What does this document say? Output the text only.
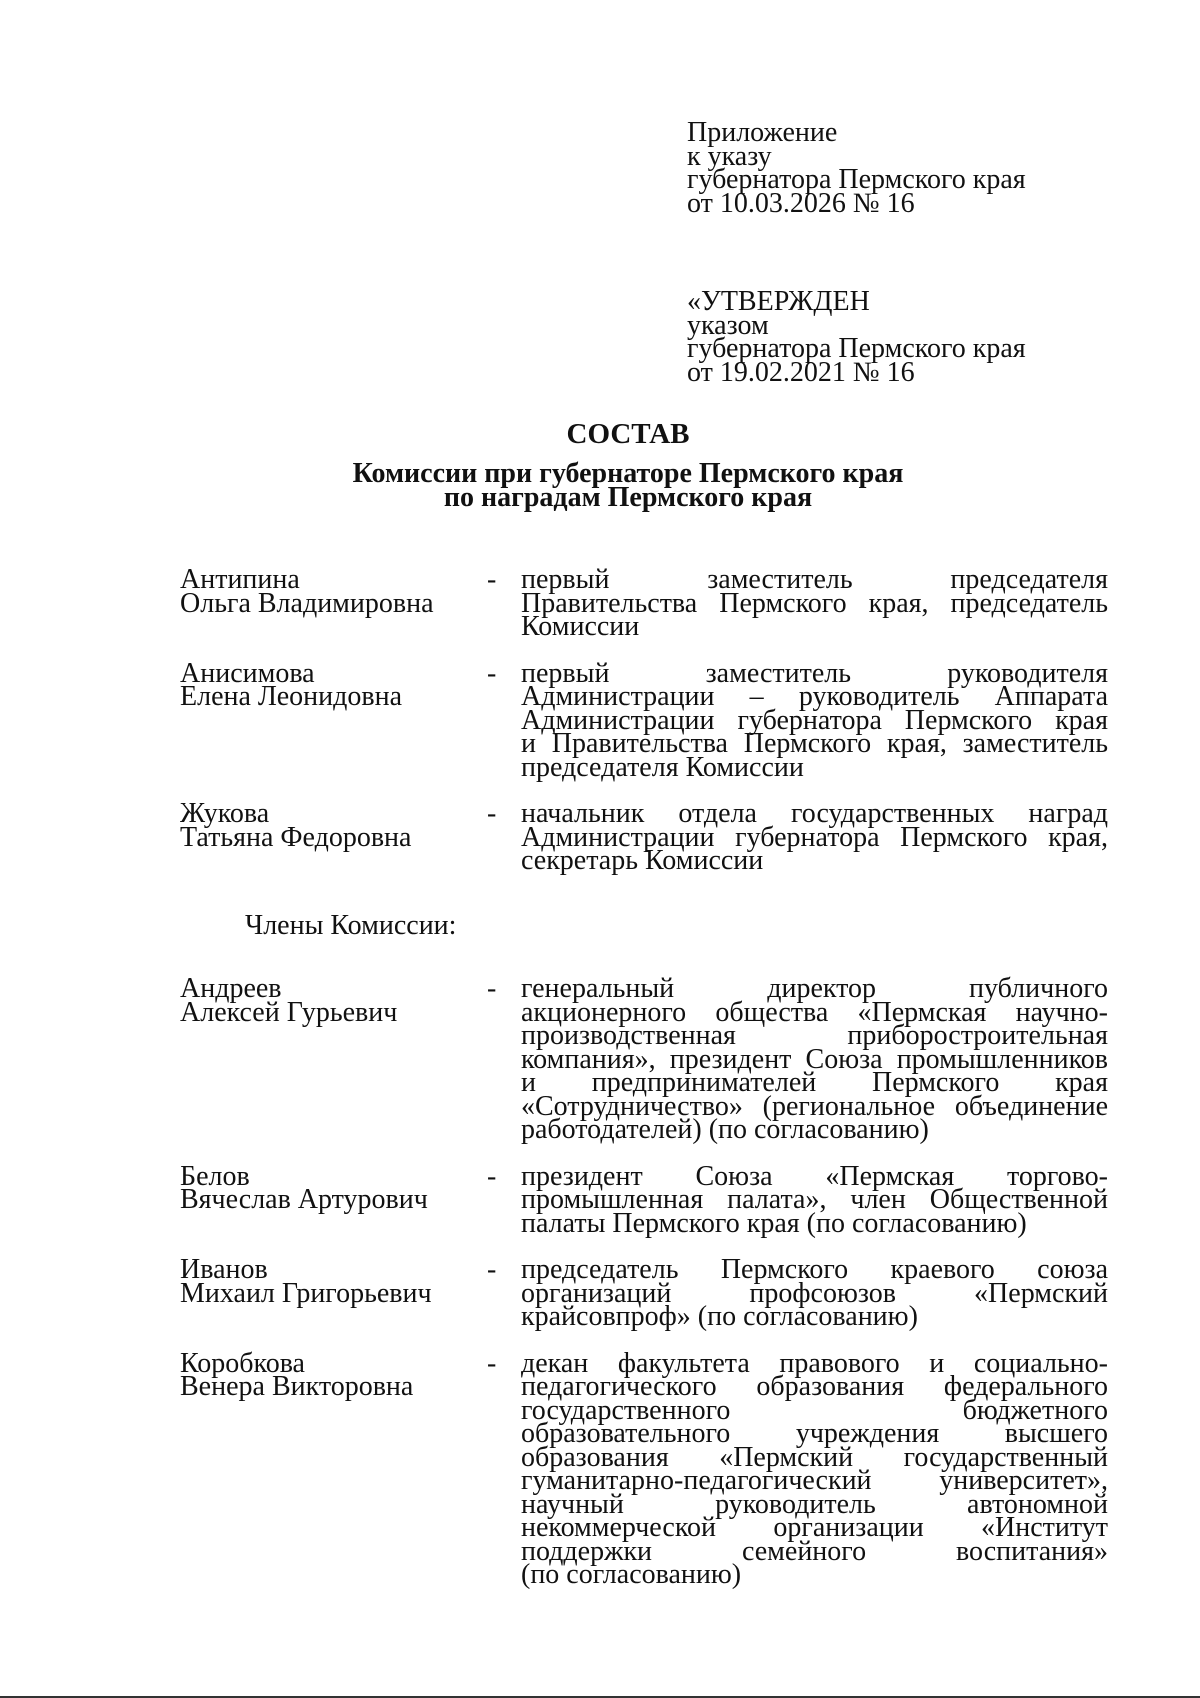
Приложение
к указу
губернатора Пермского края
от 10.03.2026 № 16
«УТВЕРЖДЕН
указом
губернатора Пермского края
от 19.02.2021 № 16
СОСТАВ
Комиссии при губернаторе Пермского края
по наградам Пермского края
Антипина
Ольга Владимировна
- первый заместитель председателя
Правительства Пермского края, председатель
Комиссии
Анисимова
Елена Леонидовна
- первый заместитель руководителя
Администрации – руководитель Аппарата
Администрации губернатора Пермского края
и Правительства Пермского края, заместитель
председателя Комиссии
Жукова
Татьяна Федоровна
- начальник отдела государственных наград
Администрации губернатора Пермского края,
секретарь Комиссии
Члены Комиссии:
Андреев
Алексей Гурьевич
- генеральный директор публичного
акционерного общества «Пермская научно-
производственная приборостроительная
компания», президент Союза промышленников
и предпринимателей Пермского края
«Сотрудничество» (региональное объединение
работодателей) (по согласованию)
Белов
Вячеслав Артурович
- президент Союза «Пермская торгово-
промышленная палата», член Общественной
палаты Пермского края (по согласованию)
Иванов
Михаил Григорьевич
- председатель Пермского краевого союза
организаций профсоюзов «Пермский
крайсовпроф» (по согласованию)
Коробкова
Венера Викторовна
- декан факультета правового и социально-
педагогического образования федерального
государственного бюджетного
образовательного учреждения высшего
образования «Пермский государственный
гуманитарно-педагогический университет»,
научный руководитель автономной
некоммерческой организации «Институт
поддержки семейного воспитания»
(по согласованию)
